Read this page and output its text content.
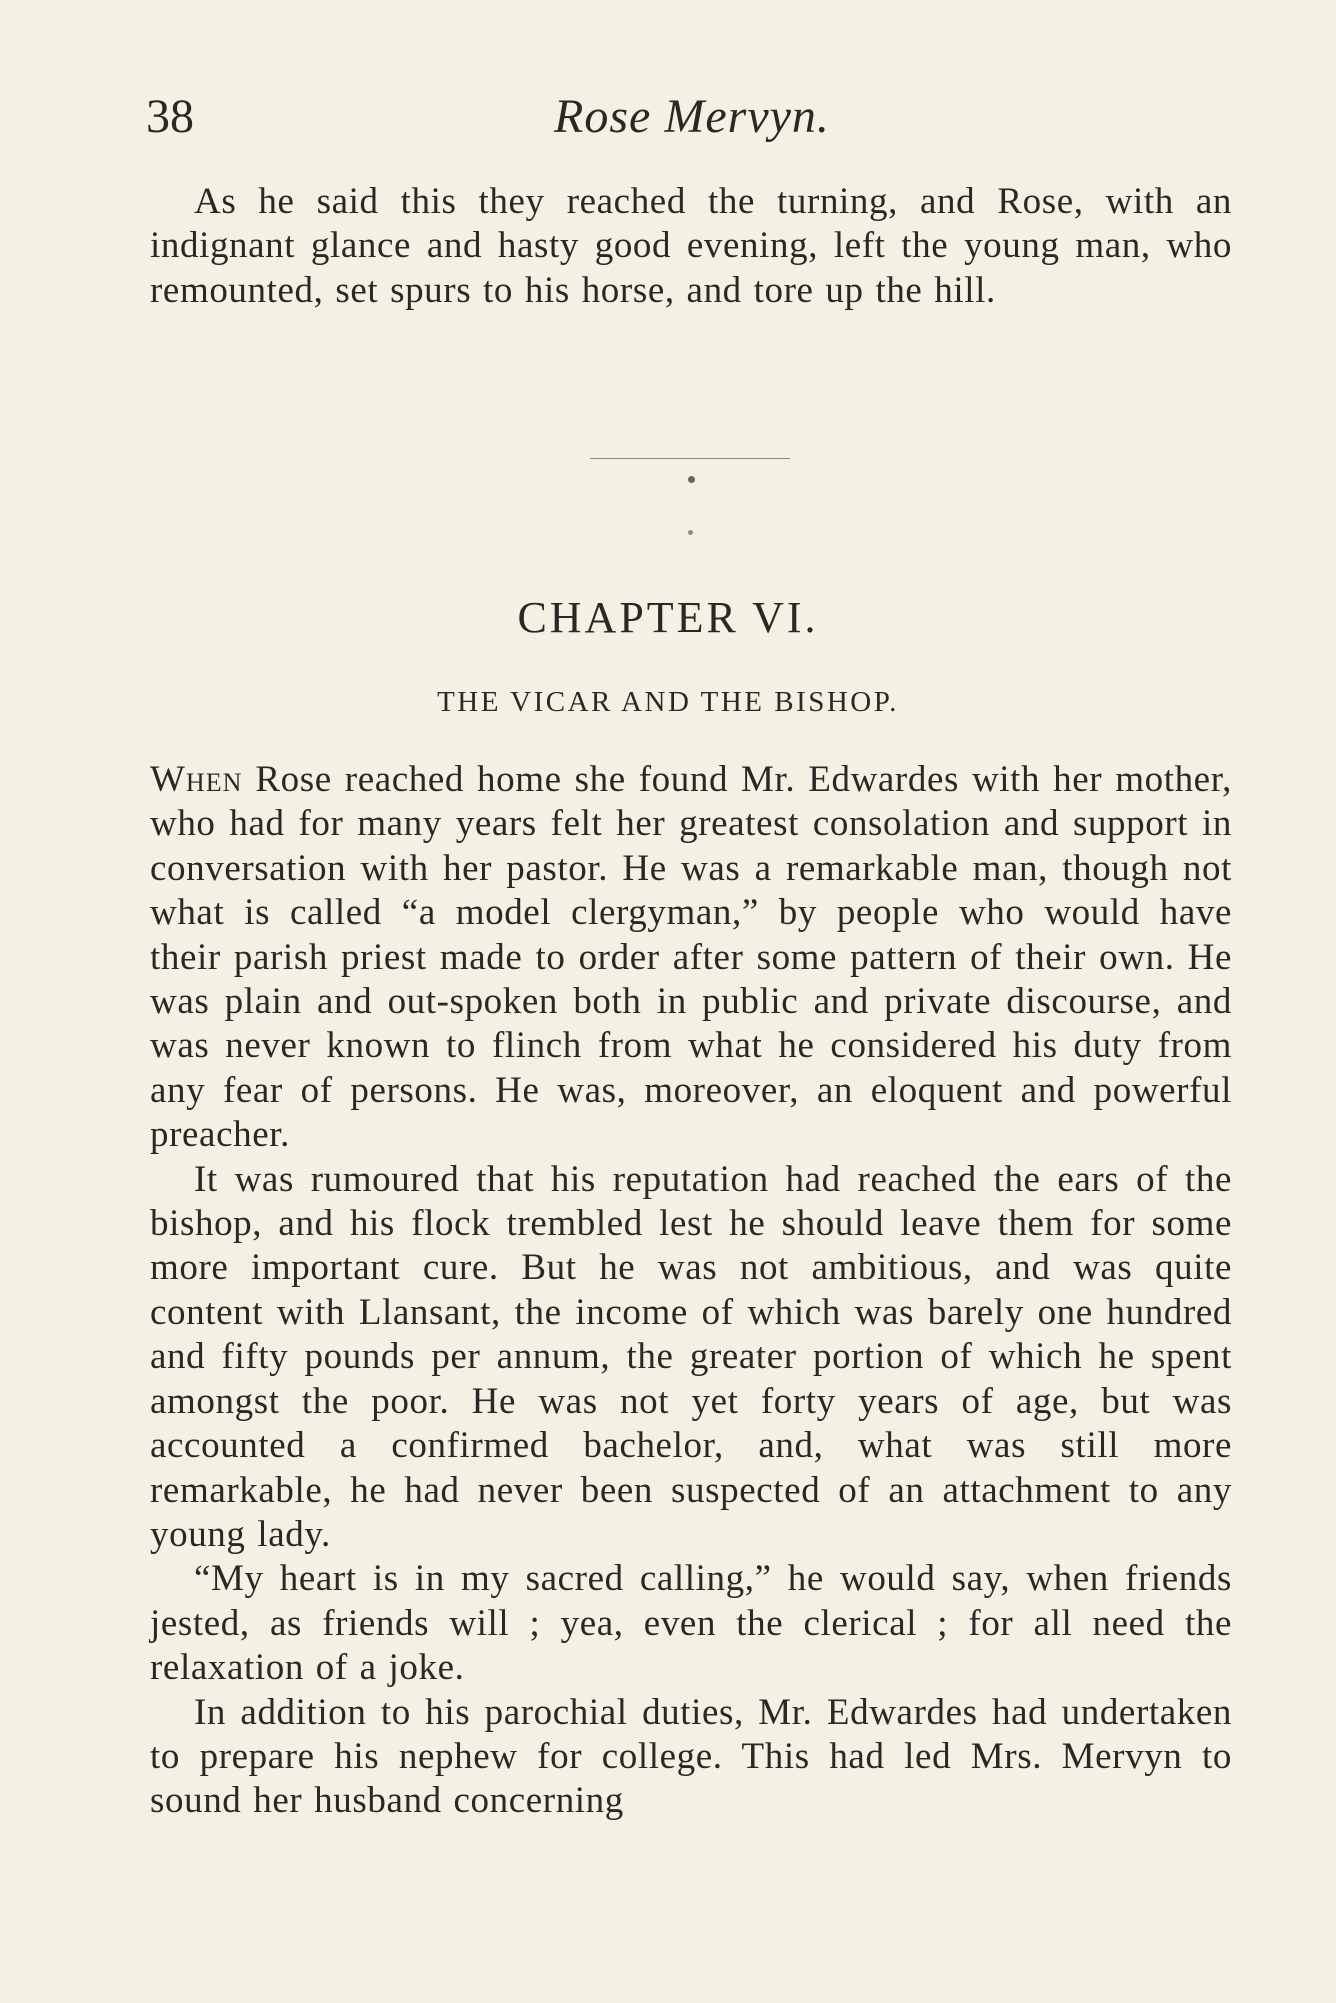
38	Rose Mervyn.

As he said this they reached the turning, and Rose, with an indignant glance and hasty good evening, left the young man, who remounted, set spurs to his horse, and tore up the hill.

CHAPTER VI.
THE VICAR AND THE BISHOP.

When Rose reached home she found Mr. Edwardes with her mother, who had for many years felt her greatest consolation and support in conversation with her pastor. He was a remarkable man, though not what is called “a model clergyman,” by people who would have their parish priest made to order after some pattern of their own. He was plain and out-spoken both in public and private discourse, and was never known to flinch from what he considered his duty from any fear of persons. He was, moreover, an eloquent and powerful preacher.

It was rumoured that his reputation had reached the ears of the bishop, and his flock trembled lest he should leave them for some more important cure. But he was not ambitious, and was quite content with Llansant, the income of which was barely one hundred and fifty pounds per annum, the greater portion of which he spent amongst the poor. He was not yet forty years of age, but was accounted a confirmed bachelor, and, what was still more remarkable, he had never been suspected of an attachment to any young lady.

“My heart is in my sacred calling,” he would say, when friends jested, as friends will ; yea, even the clerical ; for all need the relaxation of a joke.

In addition to his parochial duties, Mr. Edwardes had undertaken to prepare his nephew for college. This had led Mrs. Mervyn to sound her husband concerning
